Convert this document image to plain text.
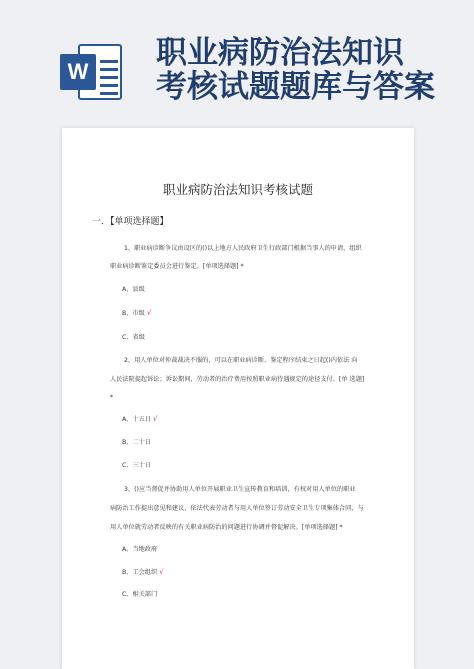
W
职业病防治法知识
考核试题题库与答案
职业病防治法知识考核试题
一．【单项选择题】
1、职业病诊断争议由设区的()以上地方人民政府卫生行政部门根据当事人的申请，组织
职业病诊断鉴定委员会进行鉴定。[单项选择题] *
A、县级
B、市级 √
C、省级
2、用人单位对仲裁裁决不服的，可以在职业病诊断、鉴定程序结束之日起()内依法 向
人民法院提起诉讼；诉讼期间，劳动者的治疗费用按照职业病待遇规定的途径支付。[单 选题]
*
A、十五日 √
B、二十日
C、三十日
3、()应当督促并协助用人单位开展职业卫生宣传教育和培训，有权对用人单位的职业
病防治工作提出意见和建议，依法代表劳动者与用人单位签订劳动安全卫生专项集体合同，与
用人单位就劳动者反映的有关职业病防治的问题进行协调并督促解决。[单项选择题] *
A、当地政府
B、工会组织 √
C、相关部门
